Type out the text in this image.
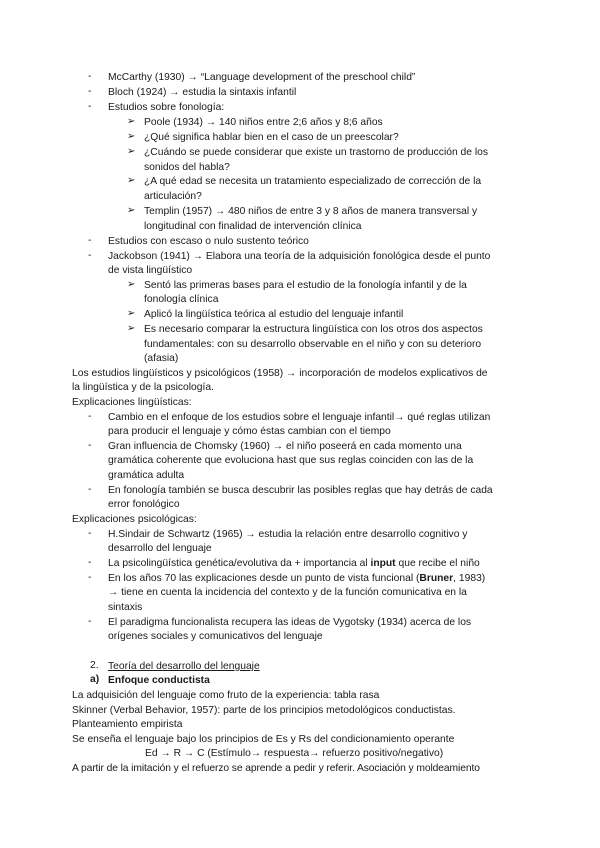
- McCarthy (1930) → “Language development of the preschool child”
- Bloch (1924) → estudia la sintaxis infantil
- Estudios sobre fonología:
➢ Poole (1934) → 140 niños entre 2;6 años y 8;6 años
➢ ¿Qué significa hablar bien en el caso de un preescolar?
➢ ¿Cuándo se puede considerar que existe un trastorno de producción de los
sonidos del habla?
➢ ¿A qué edad se necesita un tratamiento especializado de corrección de la
articulación?
➢ Templin (1957) → 480 niños de entre 3 y 8 años de manera transversal y
longitudinal con finalidad de intervención clínica
- Estudios con escaso o nulo sustento teórico
- Jackobson (1941) → Elabora una teoría de la adquisición fonológica desde el punto
de vista lingüístico
➢ Sentó las primeras bases para el estudio de la fonología infantil y de la
fonología clínica
➢ Aplicó la lingüística teórica al estudio del lenguaje infantil
➢ Es necesario comparar la estructura lingüística con los otros dos aspectos
fundamentales: con su desarrollo observable en el niño y con su deterioro
(afasia)
Los estudios lingüísticos y psicológicos (1958) → incorporación de modelos explicativos de
la lingüística y de la psicología.
Explicaciones lingüísticas:
- Cambio en el enfoque de los estudios sobre el lenguaje infantil→ qué reglas utilizan
para producir el lenguaje y cómo éstas cambian con el tiempo
- Gran influencia de Chomsky (1960) → el niño poseerá en cada momento una
gramática coherente que evoluciona hast que sus reglas coinciden con las de la
gramática adulta
- En fonología también se busca descubrir las posibles reglas que hay detrás de cada
error fonológico
Explicaciones psicológicas:
- H.Sindair de Schwartz (1965) → estudia la relación entre desarrollo cognitivo y
desarrollo del lenguaje
- La psicolingüística genética/evolutiva da + importancia al input que recibe el niño
- En los años 70 las explicaciones desde un punto de vista funcional (Bruner, 1983)
→ tiene en cuenta la incidencia del contexto y de la función comunicativa en la
sintaxis
- El paradigma funcionalista recupera las ideas de Vygotsky (1934) acerca de los
orígenes sociales y comunicativos del lenguaje
2. Teoría del desarrollo del lenguaje
a) Enfoque conductista
La adquisición del lenguaje como fruto de la experiencia: tabla rasa
Skinner (Verbal Behavior, 1957): parte de los principios metodológicos conductistas.
Planteamiento empirista
Se enseña el lenguaje bajo los principios de Es y Rs del condicionamiento operante
Ed → R → C (Estímulo→ respuesta→ refuerzo positivo/negativo)
A partir de la imitación y el refuerzo se aprende a pedir y referir. Asociación y moldeamiento
